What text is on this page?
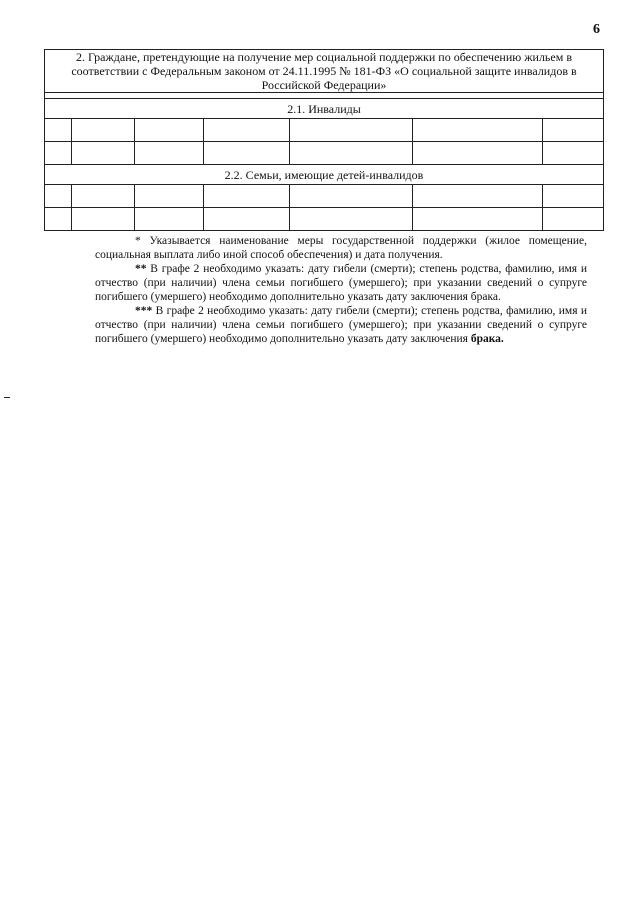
6
2. Граждане, претендующие на получение мер социальной поддержки по обеспечению жильем в соответствии с Федеральным законом от 24.11.1995 № 181-ФЗ «О социальной защите инвалидов в Российской Федерации»						

2.1. Инвалиды						

2.2. Семьи, имеющие детей-инвалидов						

* Указывается наименование меры государственной поддержки (жилое помещение, социальная выплата либо иной способ обеспечения) и дата получения.

** В графе 2 необходимо указать: дату гибели (смерти); степень родства, фамилию, имя и отчество (при наличии) члена семьи погибшего (умершего); при указании сведений о супруге погибшего (умершего) необходимо дополнительно указать дату заключения брака.

*** В графе 2 необходимо указать: дату гибели (смерти); степень родства, фамилию, имя и отчество (при наличии) члена семьи погибшего (умершего); при указании сведений о супруге погибшего (умершего) необходимо дополнительно указать дату заключения брака.
